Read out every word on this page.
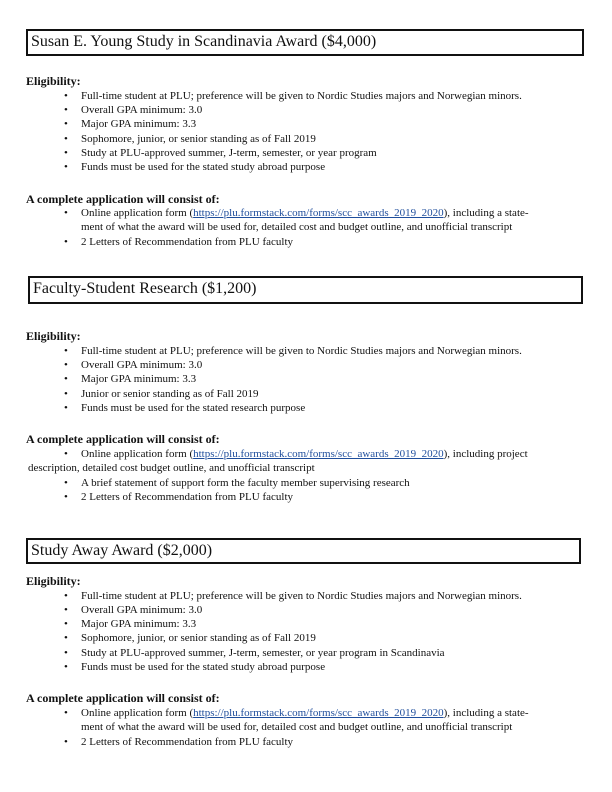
Susan E. Young Study in Scandinavia Award ($4,000)
Eligibility:
• Full-time student at PLU; preference will be given to Nordic Studies majors and Norwegian minors.
• Overall GPA minimum: 3.0
• Major GPA minimum: 3.3
• Sophomore, junior, or senior standing as of Fall 2019
• Study at PLU-approved summer, J-term, semester, or year program
• Funds must be used for the stated study abroad purpose
A complete application will consist of:
• Online application form (https://plu.formstack.com/forms/scc_awards_2019_2020), including a state-
ment of what the award will be used for, detailed cost and budget outline, and unofficial transcript
• 2 Letters of Recommendation from PLU faculty
Faculty-Student Research ($1,200)
Eligibility:
• Full-time student at PLU; preference will be given to Nordic Studies majors and Norwegian minors.
• Overall GPA minimum: 3.0
• Major GPA minimum: 3.3
• Junior or senior standing as of Fall 2019
• Funds must be used for the stated research purpose
A complete application will consist of:
• Online application form (https://plu.formstack.com/forms/scc_awards_2019_2020), including project
description, detailed cost budget outline, and unofficial transcript
• A brief statement of support form the faculty member supervising research
• 2 Letters of Recommendation from PLU faculty
Study Away Award ($2,000)
Eligibility:
• Full-time student at PLU; preference will be given to Nordic Studies majors and Norwegian minors.
• Overall GPA minimum: 3.0
• Major GPA minimum: 3.3
• Sophomore, junior, or senior standing as of Fall 2019
• Study at PLU-approved summer, J-term, semester, or year program in Scandinavia
• Funds must be used for the stated study abroad purpose
A complete application will consist of:
• Online application form (https://plu.formstack.com/forms/scc_awards_2019_2020), including a state-
ment of what the award will be used for, detailed cost and budget outline, and unofficial transcript
• 2 Letters of Recommendation from PLU faculty
